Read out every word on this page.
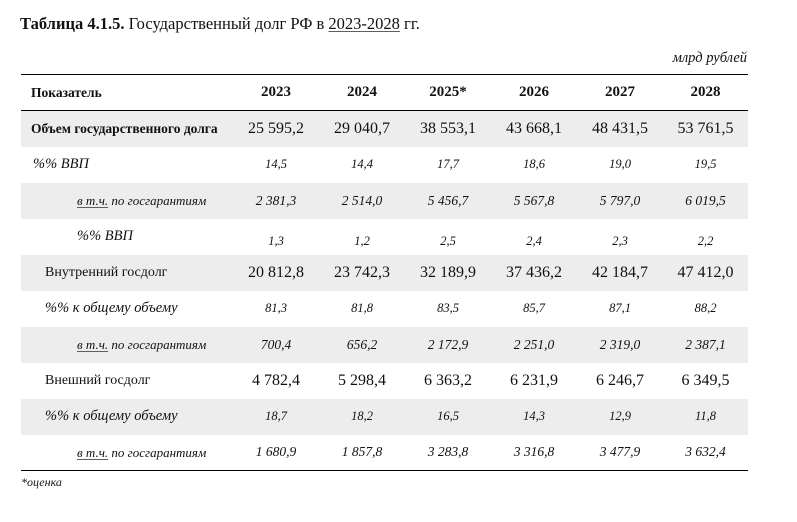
Таблица 4.1.5. Государственный долг РФ в 2023-2028 гг.
млрд рублей
Показатель	2023	2024	2025*	2026	2027	2028
Объем государственного долга	25 595,2	29 040,7	38 553,1	43 668,1	48 431,5	53 761,5
%% ВВП	14,5	14,4	17,7	18,6	19,0	19,5
в т.ч. по госгарантиям	2 381,3	2 514,0	5 456,7	5 567,8	5 797,0	6 019,5
%% ВВП	1,3	1,2	2,5	2,4	2,3	2,2
Внутренний госдолг	20 812,8	23 742,3	32 189,9	37 436,2	42 184,7	47 412,0
%% к общему объему	81,3	81,8	83,5	85,7	87,1	88,2
в т.ч. по госгарантиям	700,4	656,2	2 172,9	2 251,0	2 319,0	2 387,1
Внешний госдолг	4 782,4	5 298,4	6 363,2	6 231,9	6 246,7	6 349,5
%% к общему объему	18,7	18,2	16,5	14,3	12,9	11,8
в т.ч. по госгарантиям	1 680,9	1 857,8	3 283,8	3 316,8	3 477,9	3 632,4
*оценка
